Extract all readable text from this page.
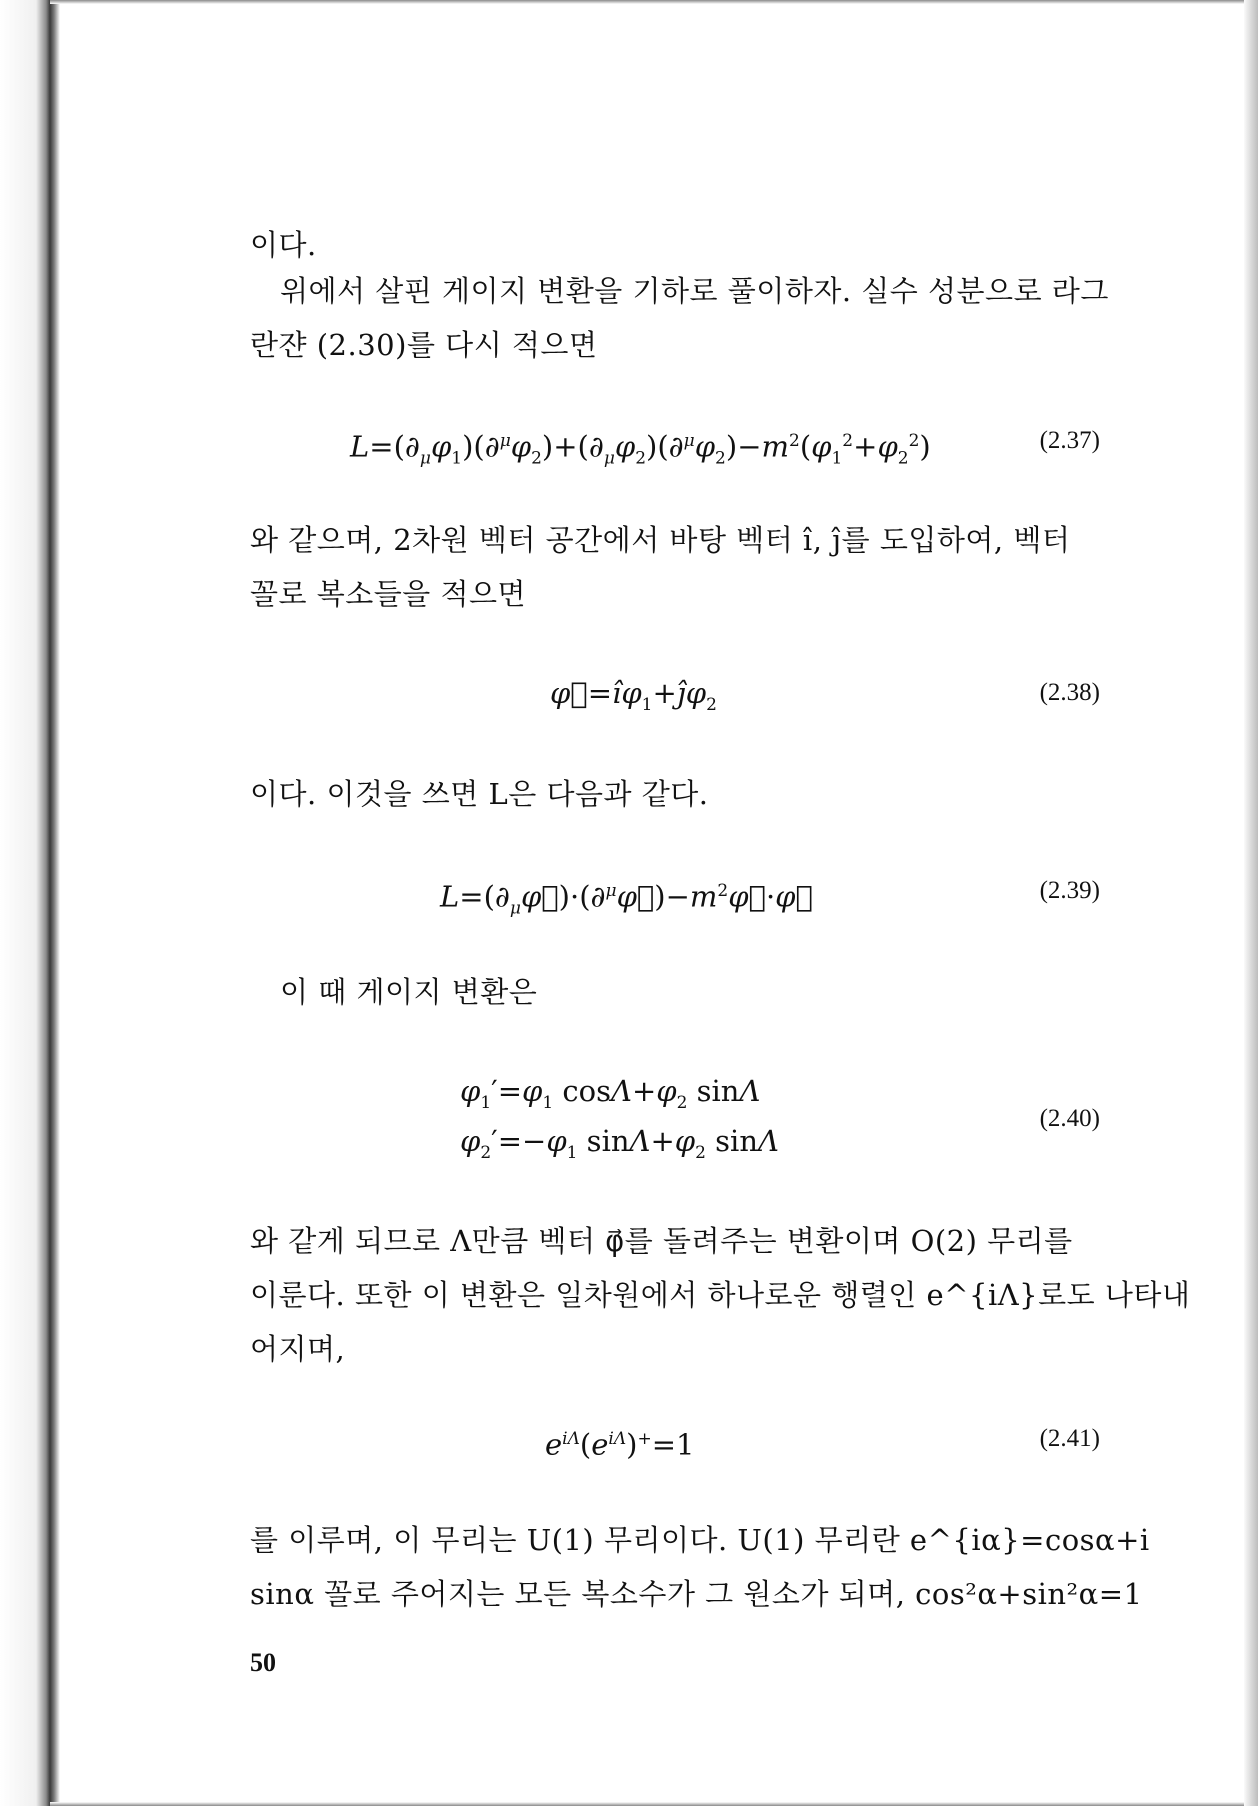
이다.
위에서 살핀 게이지 변환을 기하로 풀이하자. 실수 성분으로 라그
란쟌 (2.30)를 다시 적으면
$L=(\partial_\mu\varphi_1)(\partial^\mu\varphi_2)+(\partial_\mu\varphi_2)(\partial^\mu\varphi_2)-m^2(\varphi_1^2+\varphi_2^2)$	(2.37)
와 같으며, 2차원 벡터 공간에서 바탕 벡터 î, ĵ를 도입하여, 벡터
꼴로 복소들을 적으면
$\varphi⃗=î\varphi_1+ĵ\varphi_2$	(2.38)
이다. 이것을 쓰면 L은 다음과 같다.
$L=(\partial_\mu\varphi⃗)\cdot(\partial^\mu\varphi⃗)-m^2\varphi⃗\cdot\varphi⃗$	(2.39)
이 때 게이지 변환은
$\varphi_1'=\varphi_1$ $\cos\Lambda+\varphi_2$ sinΛ
$\varphi_2'=-\varphi_1$ $\sin\Lambda+\varphi_2$ sinΛ
(2.40)
와 같게 되므로 Λ만큼 벡터 φ⃗를 돌려주는 변환이며 O(2) 무리를
이룬다. 또한 이 변환은 일차원에서 하나로운 행렬인 e^{iΛ}로도 나타내
어지며,
$e^{i\Lambda}(e^{i\Lambda})^+=1$	(2.41)
를 이루며, 이 무리는 U(1) 무리이다. U(1) 무리란 e^{iα}=cosα+i
sinα 꼴로 주어지는 모든 복소수가 그 원소가 되며, cos²α+sin²α=1
50
